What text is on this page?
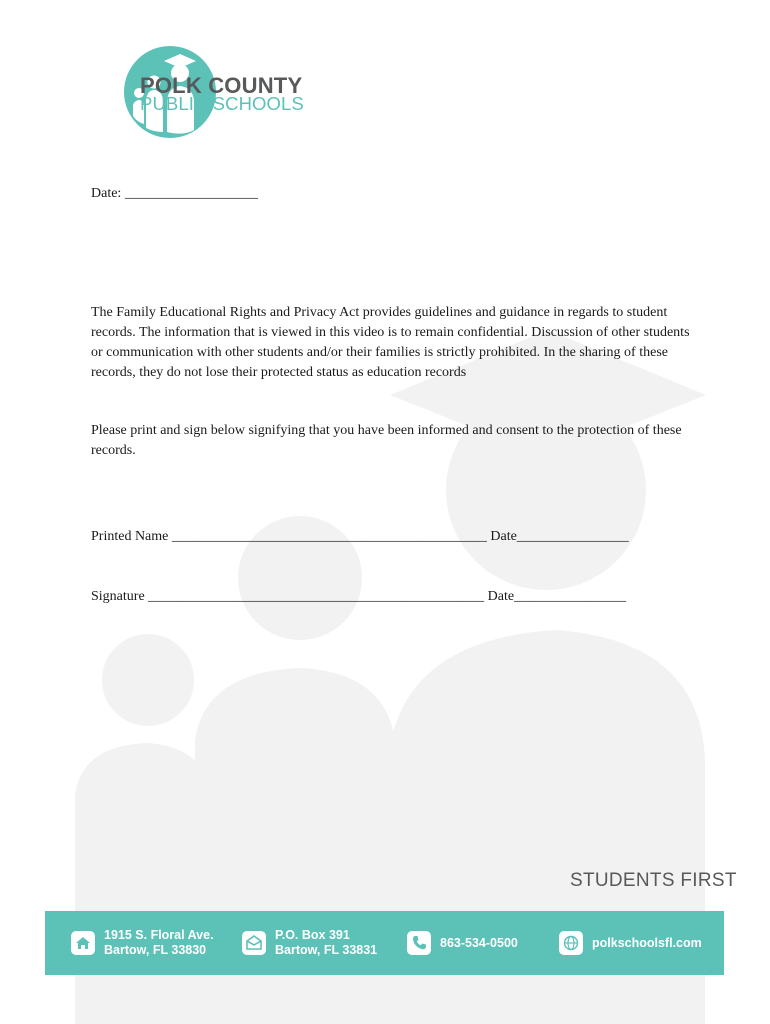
POLK COUNTY
PUBLIC SCHOOLS
Date: ___________________
The Family Educational Rights and Privacy Act provides guidelines and guidance in regards to student records. The information that is viewed in this video is to remain confidential. Discussion of other students or communication with other students and/or their families is strictly prohibited. In the sharing of these records, they do not lose their protected status as education records
Please print and sign below signifying that you have been informed and consent to the protection of these records.
Printed Name _____________________________________________ Date________________
Signature ________________________________________________ Date________________
STUDENTS FIRST
1915 S. Floral Ave.
Bartow, FL 33830
P.O. Box 391
Bartow, FL 33831
863-534-0500	polkschoolsfl.com
